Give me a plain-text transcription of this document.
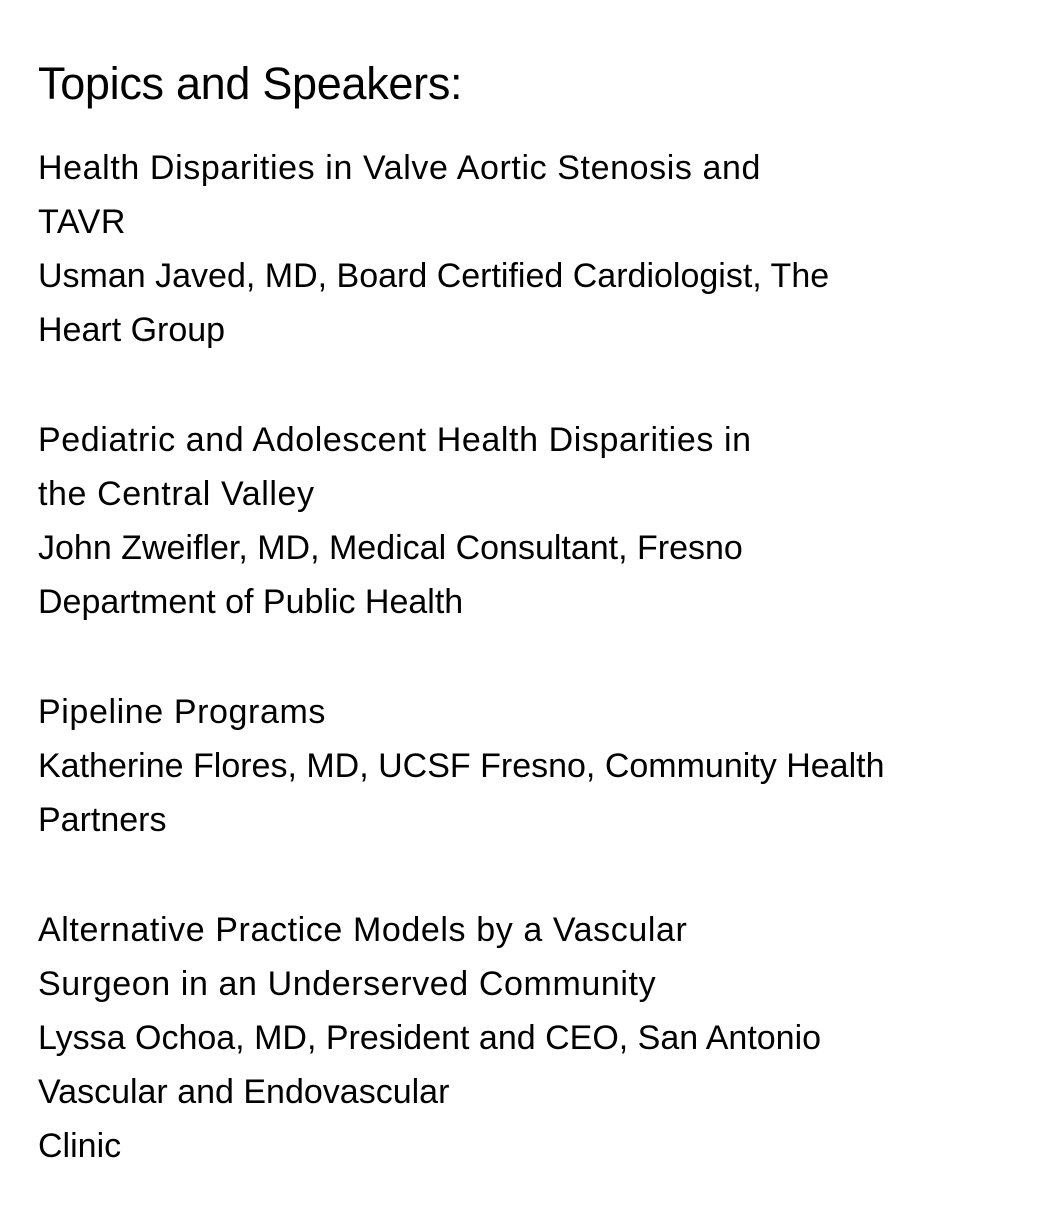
Topics and Speakers:
Health Disparities in Valve Aortic Stenosis and
TAVR
Usman Javed, MD, Board Certified Cardiologist, The
Heart Group
Pediatric and Adolescent Health Disparities in
the Central Valley
John Zweifler, MD, Medical Consultant, Fresno
Department of Public Health
Pipeline Programs
Katherine Flores, MD, UCSF Fresno, Community Health
Partners
Alternative Practice Models by a Vascular
Surgeon in an Underserved Community
Lyssa Ochoa, MD, President and CEO, San Antonio
Vascular and Endovascular
Clinic
